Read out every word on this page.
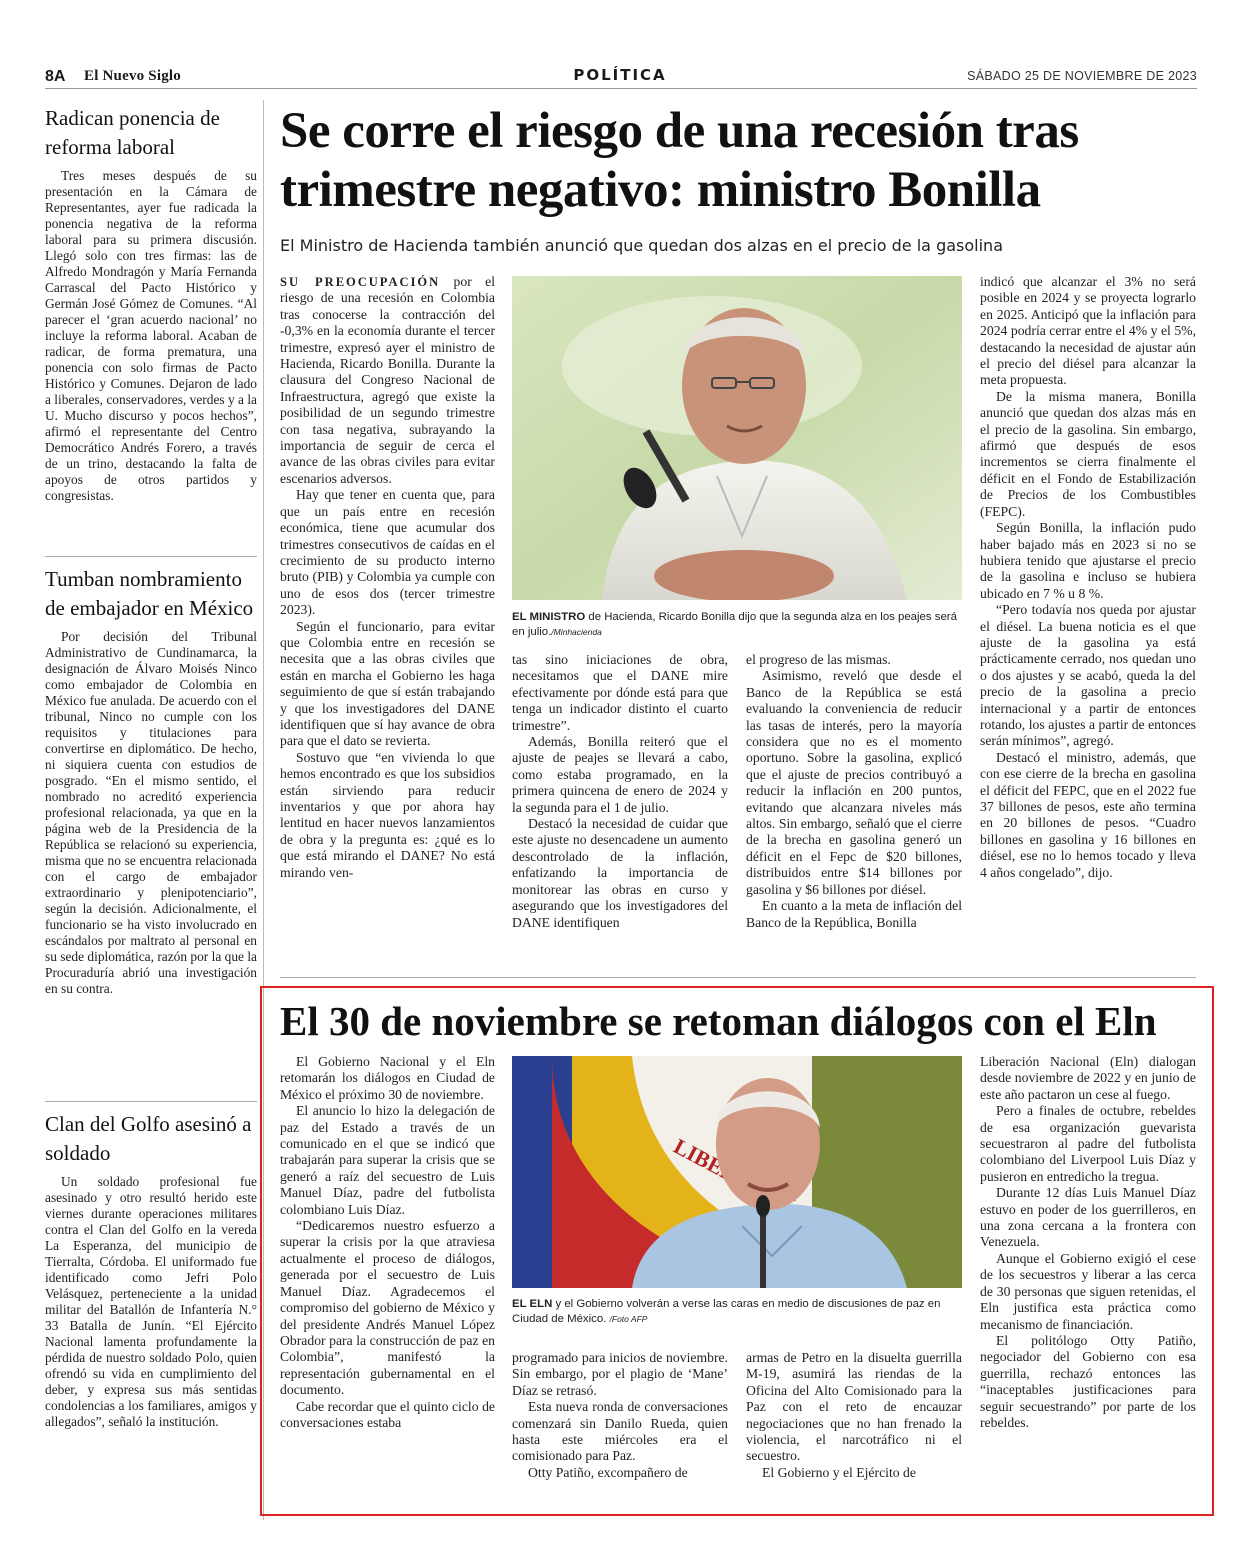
8A El Nuevo Siglo	POLÍTICA	SÁBADO 25 DE NOVIEMBRE DE 2023
Radican ponencia de reforma laboral

Tres meses después de su presentación en la Cámara de Representantes, ayer fue radicada la ponencia negativa de la reforma laboral para su primera discusión. Llegó solo con tres firmas: las de Alfredo Mondragón y María Fernanda Carrascal del Pacto Histórico y Germán José Gómez de Comunes. “Al parecer el ‘gran acuerdo nacional’ no incluye la reforma laboral. Acaban de radicar, de forma prematura, una ponencia con solo firmas de Pacto Histórico y Comunes. Dejaron de lado a liberales, conservadores, verdes y a la U. Mucho discurso y pocos hechos”, afirmó el representante del Centro Democrático Andrés Forero, a través de un trino, destacando la falta de apoyos de otros partidos y congresistas.

Tumban nombramiento de embajador en México

Por decisión del Tribunal Administrativo de Cundinamarca, la designación de Álvaro Moisés Ninco como embajador de Colombia en México fue anulada. De acuerdo con el tribunal, Ninco no cumple con los requisitos y titulaciones para convertirse en diplomático. De hecho, ni siquiera cuenta con estudios de posgrado. “En el mismo sentido, el nombrado no acreditó experiencia profesional relacionada, ya que en la página web de la Presidencia de la República se relacionó su experiencia, misma que no se encuentra relacionada con el cargo de embajador extraordinario y plenipotenciario”, según la decisión. Adicionalmente, el funcionario se ha visto involucrado en escándalos por maltrato al personal en su sede diplomática, razón por la que la Procuraduría abrió una investigación en su contra.

Clan del Golfo asesinó a soldado

Un soldado profesional fue asesinado y otro resultó herido este viernes durante operaciones militares contra el Clan del Golfo en la vereda La Esperanza, del municipio de Tierralta, Córdoba. El uniformado fue identificado como Jefri Polo Velásquez, perteneciente a la unidad militar del Batallón de Infantería N.° 33 Batalla de Junín. “El Ejército Nacional lamenta profundamente la pérdida de nuestro soldado Polo, quien ofrendó su vida en cumplimiento del deber, y expresa sus más sentidas condolencias a los familiares, amigos y allegados”, señaló la institución.

Se corre el riesgo de una recesión tras trimestre negativo: ministro Bonilla
El Ministro de Hacienda también anunció que quedan dos alzas en el precio de la gasolina

SU PREOCUPACIÓN por el riesgo de una recesión en Colombia tras conocerse la contracción del -0,3% en la economía durante el tercer trimestre, expresó ayer el ministro de Hacienda, Ricardo Bonilla. Durante la clausura del Congreso Nacional de Infraestructura, agregó que existe la posibilidad de un segundo trimestre con tasa negativa, subrayando la importancia de seguir de cerca el avance de las obras civiles para evitar escenarios adversos.

Hay que tener en cuenta que, para que un país entre en recesión económica, tiene que acumular dos trimestres consecutivos de caídas en el crecimiento de su producto interno bruto (PIB) y Colombia ya cumple con uno de esos dos (tercer trimestre 2023).

Según el funcionario, para evitar que Colombia entre en recesión se necesita que a las obras civiles que están en marcha el Gobierno les haga seguimiento de que sí están trabajando y que los investigadores del DANE identifiquen que sí hay avance de obra para que el dato se revierta.

Sostuvo que “en vivienda lo que hemos encontrado es que los subsidios están sirviendo para reducir inventarios y que por ahora hay lentitud en hacer nuevos lanzamientos de obra y la pregunta es: ¿qué es lo que está mirando el DANE? No está mirando ven-

EL MINISTRO de Hacienda, Ricardo Bonilla dijo que la segunda alza en los peajes será en julio./Minhacienda

tas sino iniciaciones de obra, necesitamos que el DANE mire efectivamente por dónde está para que tenga un indicador distinto el cuarto trimestre”.

Además, Bonilla reiteró que el ajuste de peajes se llevará a cabo, como estaba programado, en la primera quincena de enero de 2024 y la segunda para el 1 de julio.

Destacó la necesidad de cuidar que este ajuste no desencadene un aumento descontrolado de la inflación, enfatizando la importancia de monitorear las obras en curso y asegurando que los investigadores del DANE identifiquen

el progreso de las mismas.

Asimismo, reveló que desde el Banco de la República se está evaluando la conveniencia de reducir las tasas de interés, pero la mayoría considera que no es el momento oportuno. Sobre la gasolina, explicó que el ajuste de precios contribuyó a reducir la inflación en 200 puntos, evitando que alcanzara niveles más altos. Sin embargo, señaló que el cierre de la brecha en gasolina generó un déficit en el Fepc de $20 billones, distribuidos entre $14 billones por gasolina y $6 billones por diésel.

En cuanto a la meta de inflación del Banco de la República, Bonilla

indicó que alcanzar el 3% no será posible en 2024 y se proyecta lograrlo en 2025. Anticipó que la inflación para 2024 podría cerrar entre el 4% y el 5%, destacando la necesidad de ajustar aún el precio del diésel para alcanzar la meta propuesta.

De la misma manera, Bonilla anunció que quedan dos alzas más en el precio de la gasolina. Sin embargo, afirmó que después de esos incrementos se cierra finalmente el déficit en el Fondo de Estabilización de Precios de los Combustibles (FEPC).

Según Bonilla, la inflación pudo haber bajado más en 2023 si no se hubiera tenido que ajustarse el precio de la gasolina e incluso se hubiera ubicado en 7 % u 8 %.

“Pero todavía nos queda por ajustar el diésel. La buena noticia es el que ajuste de la gasolina ya está prácticamente cerrado, nos quedan uno o dos ajustes y se acabó, queda la del precio de la gasolina a precio internacional y a partir de entonces rotando, los ajustes a partir de entonces serán mínimos”, agregó.

Destacó el ministro, además, que con ese cierre de la brecha en gasolina el déficit del FEPC, que en el 2022 fue 37 billones de pesos, este año termina en 20 billones de pesos. “Cuadro billones en gasolina y 16 billones en diésel, ese no lo hemos tocado y lleva 4 años congelado”, dijo.

El 30 de noviembre se retoman diálogos con el Eln

El Gobierno Nacional y el Eln retomarán los diálogos en Ciudad de México el próximo 30 de noviembre.

El anuncio lo hizo la delegación de paz del Estado a través de un comunicado en el que se indicó que trabajarán para superar la crisis que se generó a raíz del secuestro de Luis Manuel Díaz, padre del futbolista colombiano Luis Díaz.

“Dedicaremos nuestro esfuerzo a superar la crisis por la que atraviesa actualmente el proceso de diálogos, generada por el secuestro de Luis Manuel Díaz. Agradecemos el compromiso del gobierno de México y del presidente Andrés Manuel López Obrador para la construcción de paz en Colombia”, manifestó la representación gubernamental en el documento.

Cabe recordar que el quinto ciclo de conversaciones estaba

EL ELN y el Gobierno volverán a verse las caras en medio de discusiones de paz en Ciudad de México. /Foto AFP

programado para inicios de noviembre. Sin embargo, por el plagio de ‘Mane’ Díaz se retrasó.

Esta nueva ronda de conversaciones comenzará sin Danilo Rueda, quien hasta este miércoles era el comisionado para Paz.

Otty Patiño, excompañero de

armas de Petro en la disuelta guerrilla M-19, asumirá las riendas de la Oficina del Alto Comisionado para la Paz con el reto de encauzar negociaciones que no han frenado la violencia, el narcotráfico ni el secuestro.

El Gobierno y el Ejército de

Liberación Nacional (Eln) dialogan desde noviembre de 2022 y en junio de este año pactaron un cese al fuego.

Pero a finales de octubre, rebeldes de esa organización guevarista secuestraron al padre del futbolista colombiano del Liverpool Luis Díaz y pusieron en entredicho la tregua.

Durante 12 días Luis Manuel Díaz estuvo en poder de los guerrilleros, en una zona cercana a la frontera con Venezuela.

Aunque el Gobierno exigió el cese de los secuestros y liberar a las cerca de 30 personas que siguen retenidas, el Eln justifica esta práctica como mecanismo de financiación.

El politólogo Otty Patiño, negociador del Gobierno con esa guerrilla, rechazó entonces las “inaceptables justificaciones para seguir secuestrando” por parte de los rebeldes.
